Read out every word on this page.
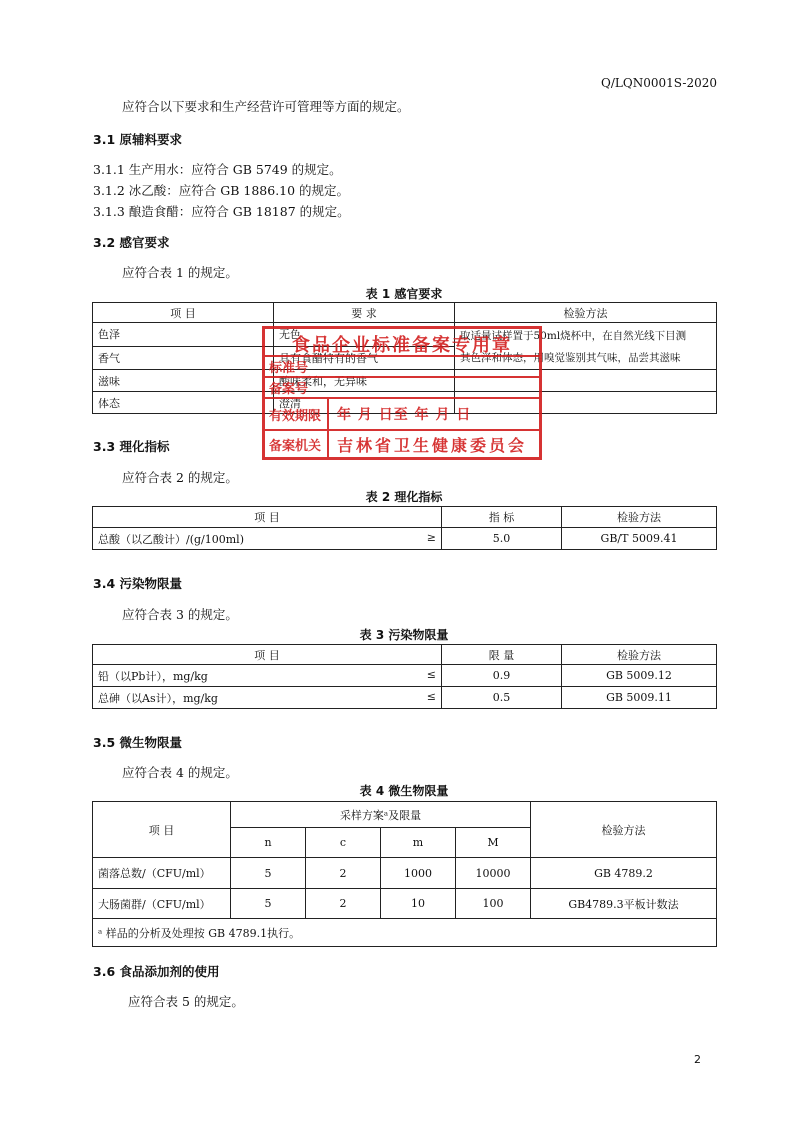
Q/LQN0001S-2020
应符合以下要求和生产经营许可管理等方面的规定。
3.1 原辅料要求
3.1.1 生产用水：应符合 GB 5749 的规定。
3.1.2 冰乙酸：应符合 GB 1886.10 的规定。
3.1.3 酿造食醋：应符合 GB 18187 的规定。
3.2 感官要求
应符合表 1 的规定。
表 1 感官要求
项 目	要 求	检验方法
色泽	无色	取适量试样置于50ml烧杯中，在自然光线下目测
其色泽和体态，用嗅觉鉴别其气味，品尝其滋味

香气	具有食醋特有的香气	
滋味	酸味柔和，无异味	
体态	澄清	
食品企业标准备案专用章
标准号
备案号
有效期限 年 月 日至 年 月 日
备案机关 吉林省卫生健康委员会
3.3 理化指标
应符合表 2 的规定。
表 2 理化指标
项 目	指 标	检验方法
总酸（以乙酸计）/(g/100ml) ≥	5.0	GB/T 5009.41
3.4 污染物限量
应符合表 3 的规定。
表 3 污染物限量
项 目	限 量	检验方法
铅（以Pb计），mg/kg ≤	0.9	GB 5009.12
总砷（以As计），mg/kg ≤	0.5	GB 5009.11
3.5 微生物限量
应符合表 4 的规定。
表 4 微生物限量
项 目	采样方案ᵃ及限量				检验方法
	n	c	m	M	
菌落总数/（CFU/ml）	5	2	1000	10000	GB 4789.2
大肠菌群/（CFU/ml）	5	2	10	100	GB4789.3平板计数法
ᵃ 样品的分析及处理按 GB 4789.1执行。					
3.6 食品添加剂的使用
应符合表 5 的规定。
2
